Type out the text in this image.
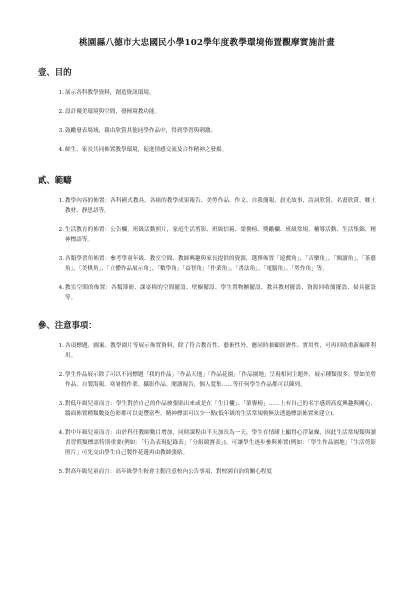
桃園縣八德市大忠國民小學102學年度教學環境佈置觀摩實施計畫
壹、目的
1. 展示各科教學資料，創造資訊環境。
2. 設計優美環境與空間，發揮境教功能。
3. 鼓勵發表場域，藉由欣賞其他同學作品中，得到學習與刺激。
4. 師生、家長共同佈置教學環境，促進情感交流及合作精神之發揚。
貳、範疇
1. 教學內容的佈置：各科國式教具、各組的教學成果報告、美勞作品、作文、自我簡報、晨光故事、詩詞欣賞、名畫欣賞、鄉土教材、靜思語等。
2. 生活教育的佈置：公告欄、班級活動照片，家庭生活剪影、班級信箱、榮譽榜、獎勵欄、班級常規、輔導活動、生活集錦、精神標語等。
3. 各類學習角佈置：參考學童年級、教室空間、教師興趣與家長提供的資源，選擇佈置「遊戲角」、「音樂角」、「閱讀角」、「茶藝角」、「美棋角」、「立體作品展示角」、「數學角」「益智角」「作業角」、「書法角」、「電腦角」、「勞作角」等。
4. 教室空間的佈置：各類簿冊、課桌椅的空間擺設、壁櫥擺設、學生置物櫃擺設、教具教材擺設、資源回收簡擺設、掃具擺設等。
參、注意事項：
1. 各項標題、圖案、教學園片等展示佈置資料，除了符合教育性、藝術性外，應同時兼顧經濟性、實用性，可再回收重新編排利用。
2. 學生作品展示除了可以不同標題「我的作品」「作品天地」「作品花園」「作品園地」呈現相同主題外，展示種類很多，譬如美勞作品、自製海報、寒暑假作業、攝影作品、閱讀報告、個人寬集……等任何學生作品都可以陳列。
3. 對低年級兒童而言：學生對於自己的作品被張貼出來或是在「生日欄」、「榮譽榜」……上有自己的名字感到高度興趣與關心，牆面佈置種類數及色彩都可以更豐富些。精神標語可以少一點(低年級的生活常規較無法透過標語佈置來建立)。
4. 對中年級兒童而言：由於科任教師數目增加，同時課程由半天加長為一天，學生在情緒上顯得心浮氣燥，因此生活常規類與讀書習慣類標語特別重要(例如：「行為表現紀錄表」「分組競賽表」)，可讓學生逐步參與佈置(例如：「學生作品園地」「生活剪影照片」可先交由學生自己製作花邊再由教師張貼。
5. 對高年級兒童而言：高年級學生較會主動注意校內公告事項，對校園自治的關心程度
